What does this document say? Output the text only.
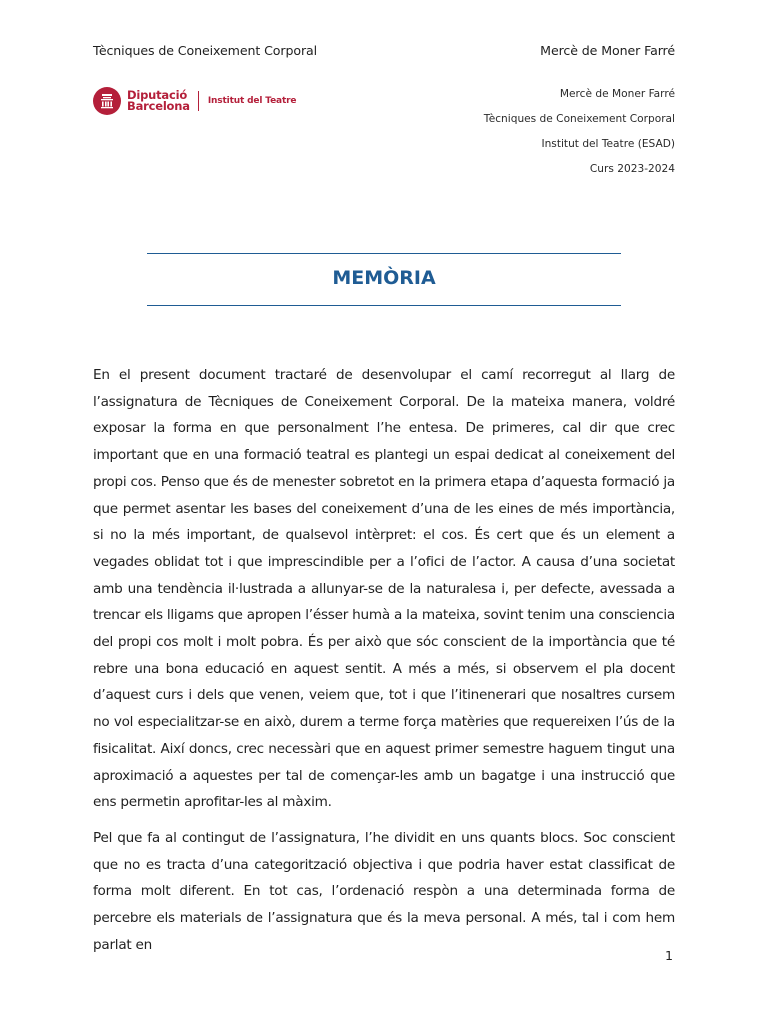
Tècniques de Coneixement Corporal	Mercè de Moner Farré
Diputació
Barcelona Institut del Teatre
Mercè de Moner Farré
Tècniques de Coneixement Corporal
Institut del Teatre (ESAD)
Curs 2023-2024
MEMÒRIA

En el present document tractaré de desenvolupar el camí recorregut al llarg de l’assignatura de Tècniques de Coneixement Corporal. De la mateixa manera, voldré exposar la forma en que personalment l’he entesa. De primeres, cal dir que crec important que en una formació teatral es plantegi un espai dedicat al coneixement del propi cos. Penso que és de menester sobretot en la primera etapa d’aquesta formació ja que permet asentar les bases del coneixement d’una de les eines de més importància, si no la més important, de qualsevol intèrpret: el cos. És cert que és un element a vegades oblidat tot i que imprescindible per a l’ofici de l’actor. A causa d’una societat amb una tendència il·lustrada a allunyar-se de la naturalesa i, per defecte, avessada a trencar els lligams que apropen l’ésser humà a la mateixa, sovint tenim una consciencia del propi cos molt i molt pobra. És per això que sóc conscient de la importància que té rebre una bona educació en aquest sentit. A més a més, si observem el pla docent d’aquest curs i dels que venen, veiem que, tot i que l’itinenerari que nosaltres cursem no vol especialitzar-se en això, durem a terme força matèries que requereixen l’ús de la fisicalitat. Així doncs, crec necessàri que en aquest primer semestre haguem tingut una aproximació a aquestes per tal de començar-les amb un bagatge i una instrucció que ens permetin aprofitar-les al màxim.

Pel que fa al contingut de l’assignatura, l’he dividit en uns quants blocs. Soc conscient que no es tracta d’una categorització objectiva i que podria haver estat classificat de forma molt diferent. En tot cas, l’ordenació respòn a una determinada forma de percebre els materials de l’assignatura que és la meva personal. A més, tal i com hem parlat en

1
